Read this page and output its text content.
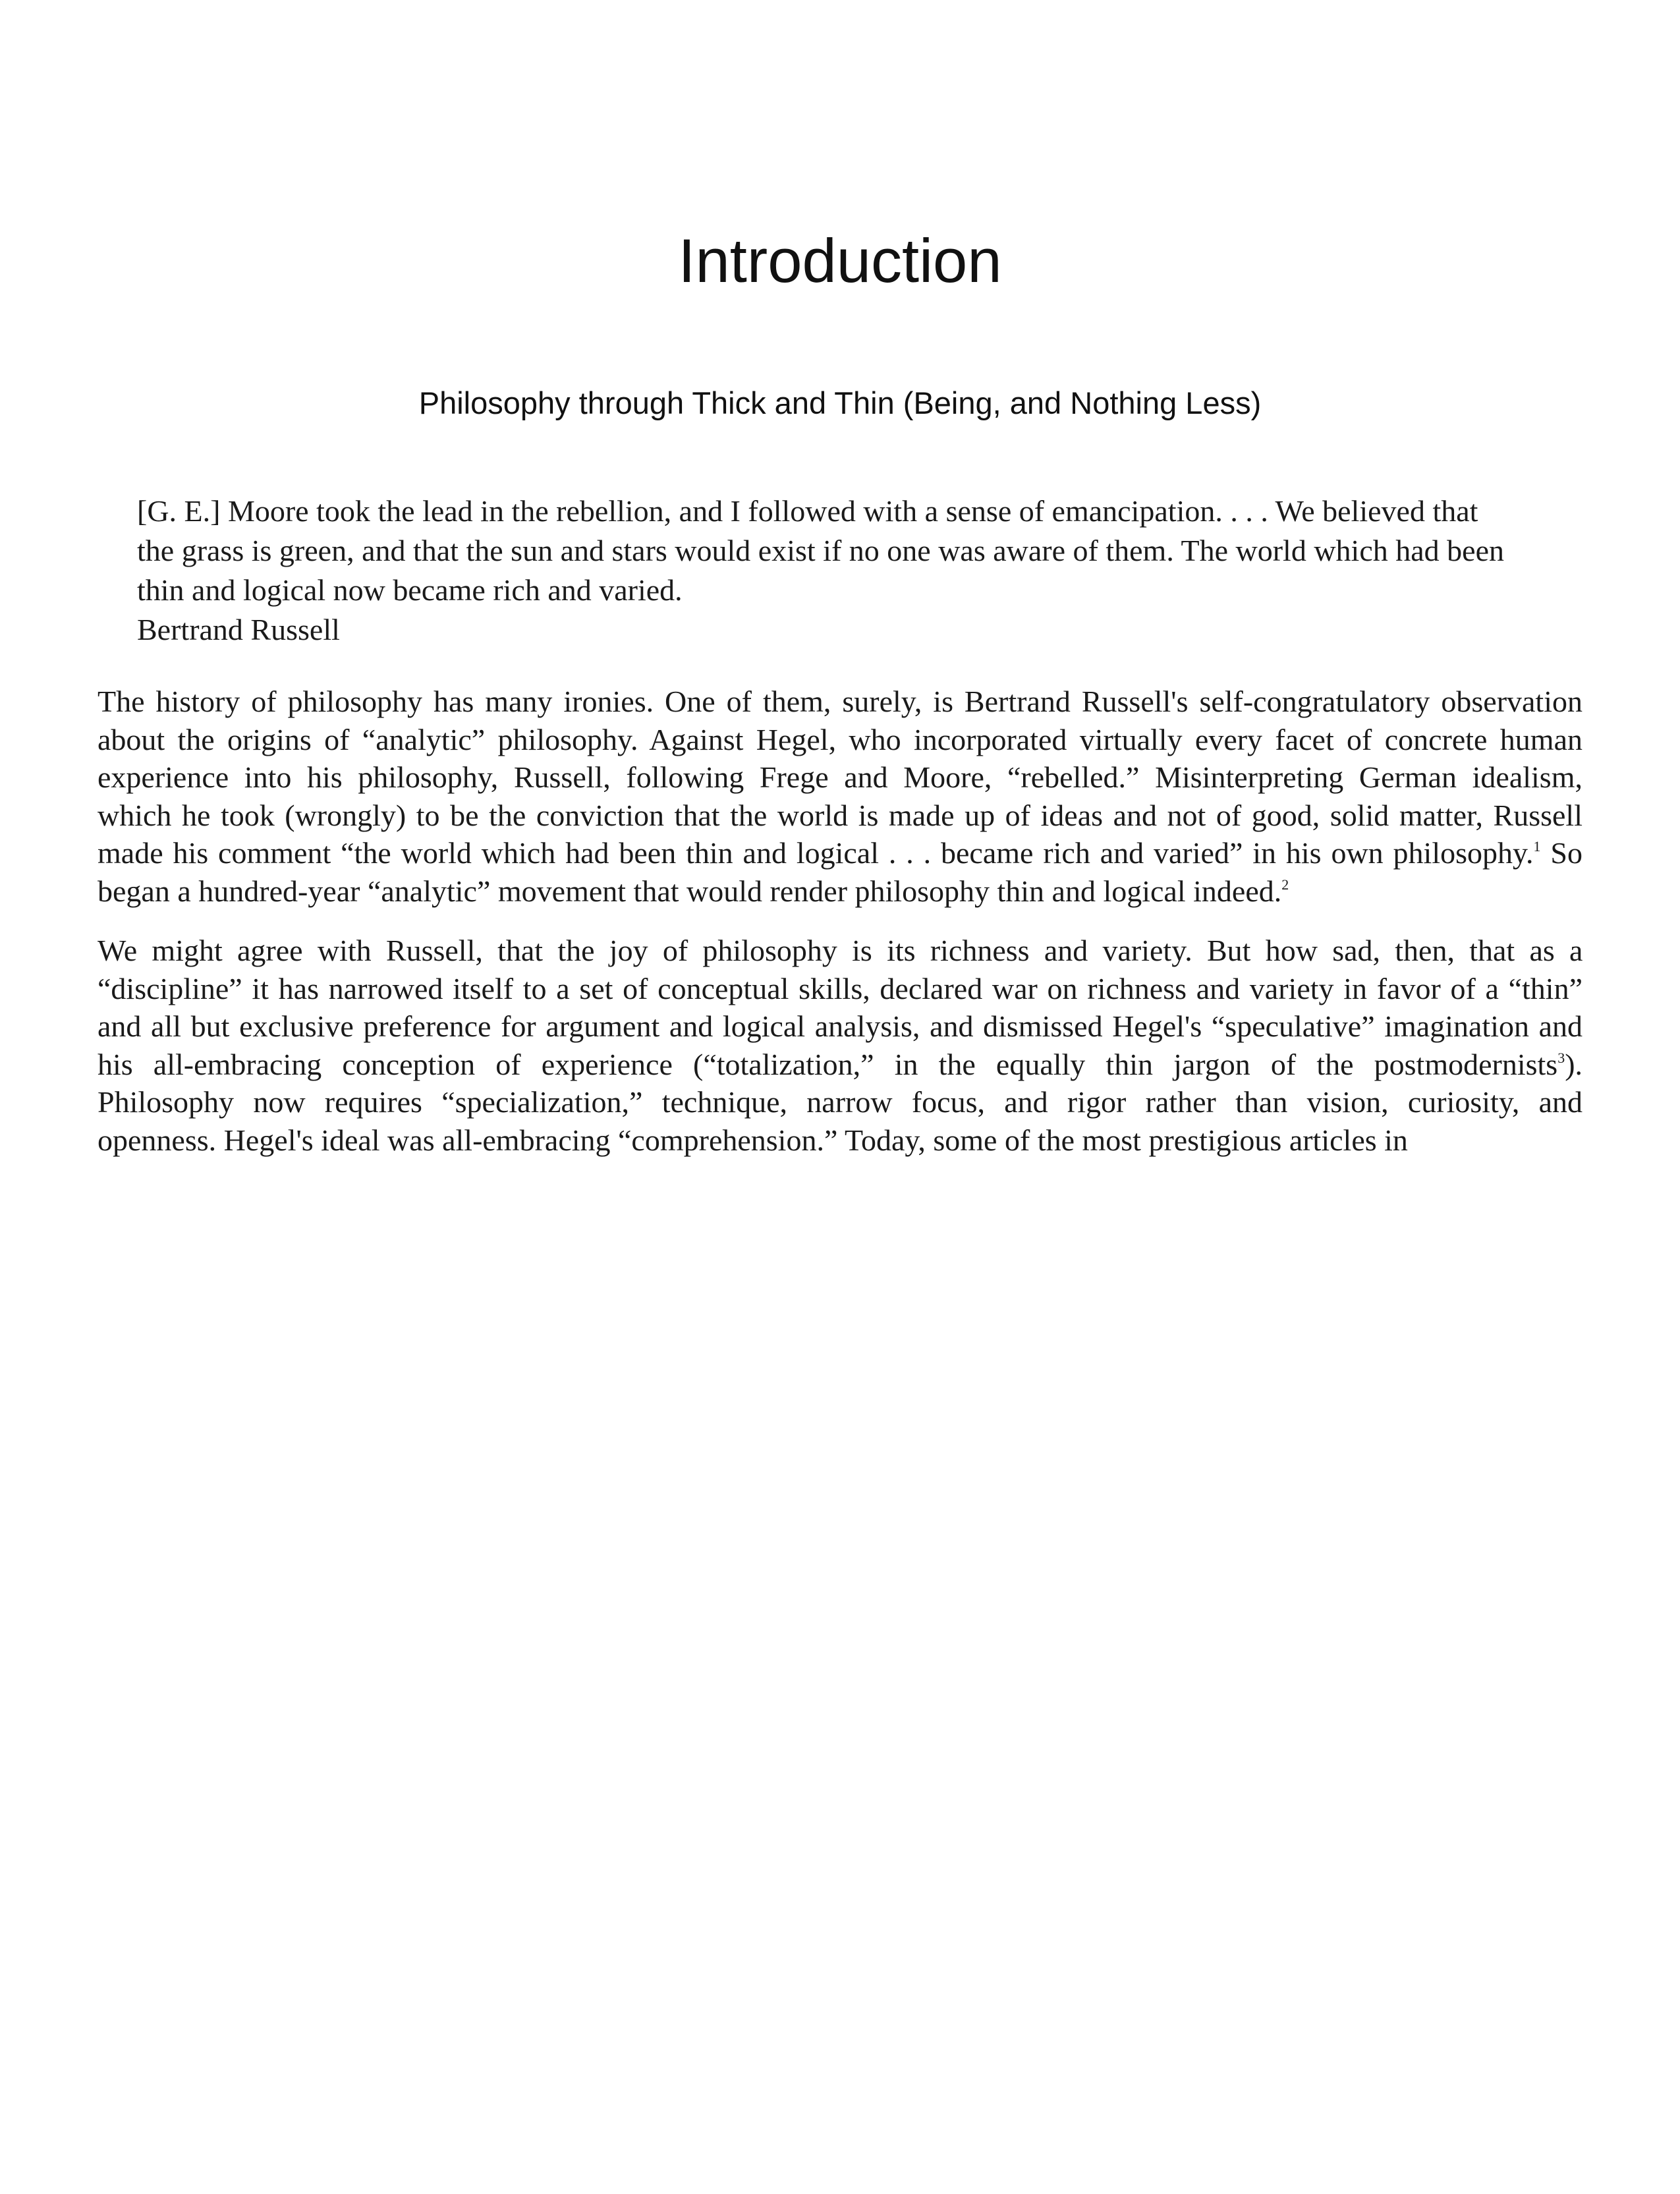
Introduction
Philosophy through Thick and Thin (Being, and Nothing Less)
[G. E.] Moore took the lead in the rebellion, and I followed with a sense of emancipation. . . . We believed that
the grass is green, and that the sun and stars would exist if no one was aware of them. The world which had been
thin and logical now became rich and varied.
Bertrand Russell
The history of philosophy has many ironies. One of them, surely, is Bertrand Russell's self-congratulatory observation
about the origins of “analytic” philosophy. Against Hegel, who incorporated virtually every facet of concrete human
experience into his philosophy, Russell, following Frege and Moore, “rebelled.” Misinterpreting German idealism,
which he took (wrongly) to be the conviction that the world is made up of ideas and not of good, solid matter, Russell
made his comment “the world which had been thin and logical . . . became rich and varied” in his own philosophy.$^1$ So
began a hundred-year “analytic” movement that would render philosophy thin and logical indeed.$^2$
We might agree with Russell, that the joy of philosophy is its richness and variety. But how sad, then, that as a
“discipline” it has narrowed itself to a set of conceptual skills, declared war on richness and variety in favor of a “thin”
and all but exclusive preference for argument and logical analysis, and dismissed Hegel's “speculative” imagination and
his all-embracing conception of experience (“totalization,” in the equally thin jargon of the postmodernists$^3$).
Philosophy now requires “specialization,” technique, narrow focus, and rigor rather than vision, curiosity, and
openness. Hegel's ideal was all-embracing “comprehension.” Today, some of the most prestigious articles in
